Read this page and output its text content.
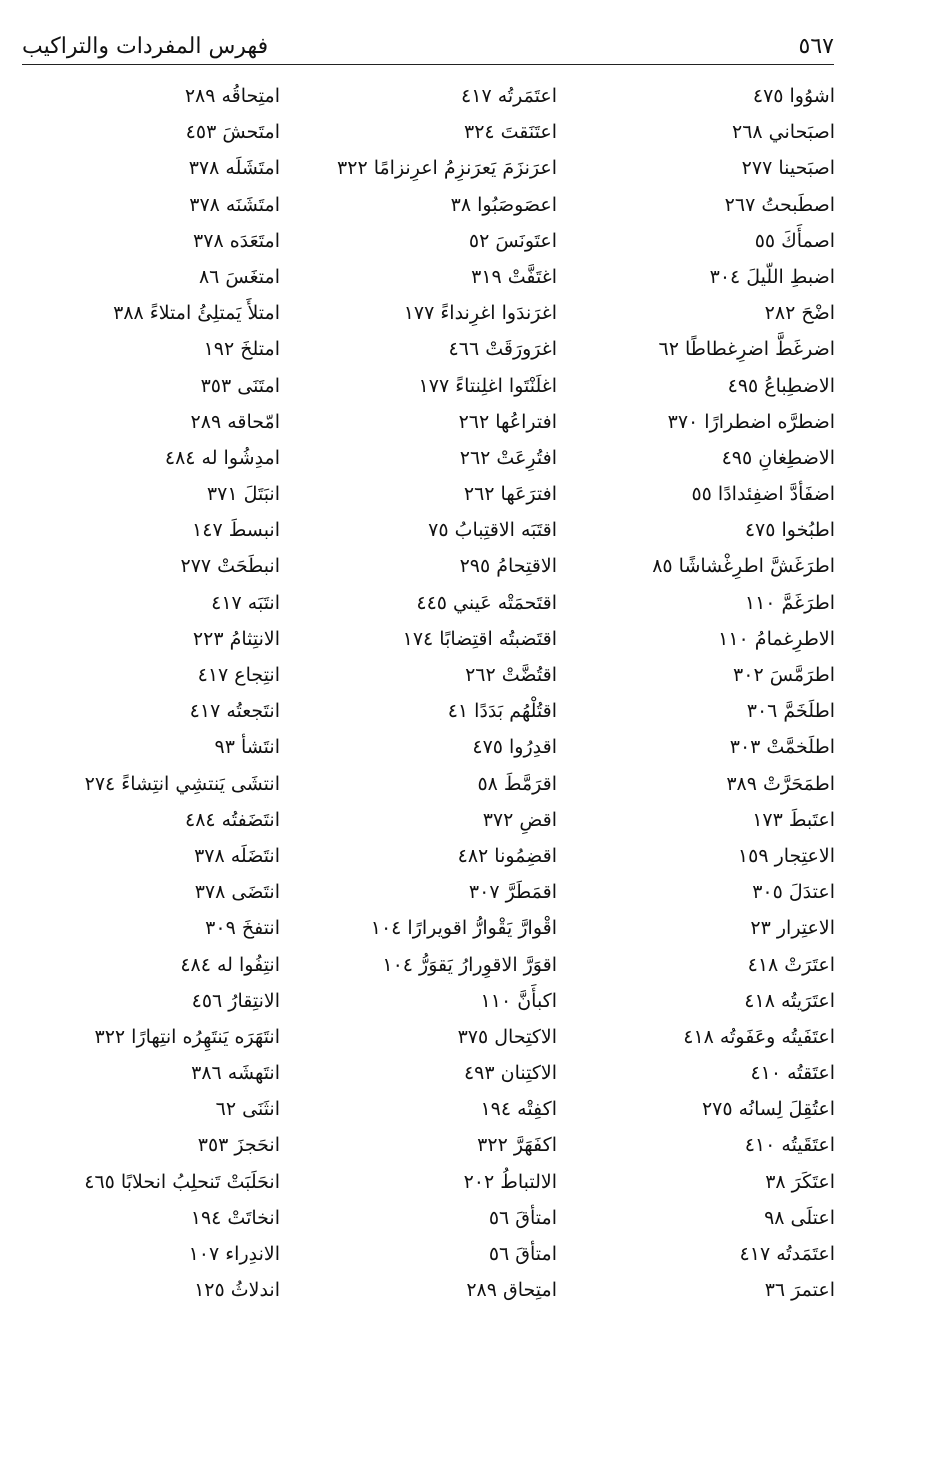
٥٦٧
فهرس المفردات والتراكيب
اشوُوا ٤٧٥
اصبَحاني ٢٦٨
اصبَحينا ٢٧٧
اصطَبحتُ ٢٦٧
اصمأَكَ ٥٥
اضبطِ اللّيلَ ٣٠٤
اضْحَ ٢٨٢
اضرغَطَّ اضرِغطاطًا ٦٢
الاضطِباعُ ٤٩٥
اضطرَّه اضطرارًا ٣٧٠
الاضطِغانِ ٤٩٥
اضفَأدَّ اضفِئدادًا ٥٥
اطبُخوا ٤٧٥
اطرَغَشَّ اطرِغْشاشًا ٨٥
اطرَغَمَّ ١١٠
الاطرِغمامُ ١١٠
اطرَمَّسَ ٣٠٢
اطلَخَمَّ ٣٠٦
اطلَخمَّتْ ٣٠٣
اطمَحَرَّتْ ٣٨٩
اعتَبطَ ١٧٣
الاعتِجار ١٥٩
اعتدَلَ ٣٠٥
الاعتِرار ٢٣
اعتَرَتْ ٤١٨
اعتَرَيتُه ٤١٨
اعتَفَيتُه وعَفَوتُه ٤١٨
اعتَقتُه ٤١٠
اعتُقِلَ لِسانُه ٢٧٥
اعتَقَيتُه ٤١٠
اعتَكَرَ ٣٨
اعتلَى ٩٨
اعتَمَدتُه ٤١٧
اعتمرَ ٣٦
اعتَمَرتُه ٤١٧
اعتَنَقتَ ٣٢٤
اعرَنزَمَ يَعرَنزِمُ اعرِنزامًا ٣٢٢
اعصَوصَبُوا ٣٨
اعتَونَسَ ٥٢
اغتَفَّتْ ٣١٩
اغرَندَوا اغرِنداءً ١٧٧
اغرَورَقَتْ ٤٦٦
اغلَنْتَوا اغلِنتاءً ١٧٧
افتراعُها ٢٦٢
افتُرِعَتْ ٢٦٢
افترَعَها ٢٦٢
اقتَبَه الاقتِبابُ ٧٥
الاقتِحامُ ٢٩٥
اقتَحمَتْه عَيني ٤٤٥
اقتَضبتُه اقتِضابًا ١٧٤
اقتُضَّتْ ٢٦٢
اقتُلْهُم بَدَدًا ٤١
اقدِرُوا ٤٧٥
اقرَمَّطَ ٥٨
اقضِ ٣٧٢
اقضِمُونا ٤٨٢
اقمَطَرَّ ٣٠٧
اقْوارَّ يَقْوارُّ اقويرارًا ١٠٤
اقوَرَّ الاقوِرارُ يَقوَرُّ ١٠٤
اكبأَنَّ ١١٠
الاكتِحال ٣٧٥
الاكتِنان ٤٩٣
اكفِتْه ١٩٤
اكفَهَرَّ ٣٢٢
الالتباطُ ٢٠٢
امتأقَ ٥٦
امتأقَ ٥٦
امتِحاق ٢٨٩
امتِحاقُه ٢٨٩
امتَحشَ ٤٥٣
امتَشَلَه ٣٧٨
امتَشَنَه ٣٧٨
امتَعَدَه ٣٧٨
امتغَسَ ٨٦
امتلأَ يَمتلِئُ امتلاءً ٣٨٨
امتلخَ ١٩٢
امتَنَى ٣٥٣
امّحاقه ٢٨٩
امدِشُوا له ٤٨٤
انبَتَلَ ٣٧١
انبسطَ ١٤٧
انبطَحَتْ ٢٧٧
انتَبَه ٤١٧
الانتِثامُ ٢٢٣
انتِجاع ٤١٧
انتَجعتُه ٤١٧
انتَشأ ٩٣
انتشَى يَنتشِي انتِشاءً ٢٧٤
انتَضَفتُه ٤٨٤
انتَضَلَه ٣٧٨
انتَضَى ٣٧٨
انتفخَ ٣٠٩
انتِفُوا له ٤٨٤
الانتِقارُ ٤٥٦
انتَهَرَه يَنتَهِرُه انتِهارًا ٣٢٢
انتَهشَه ٣٨٦
انثَنَى ٦٢
انحَجزَ ٣٥٣
انحَلَبَتْ تَنحلِبُ انحلابًا ٤٦٥
انخاتَتْ ١٩٤
الاندِراء ١٠٧
اندلاثُ ١٢٥
